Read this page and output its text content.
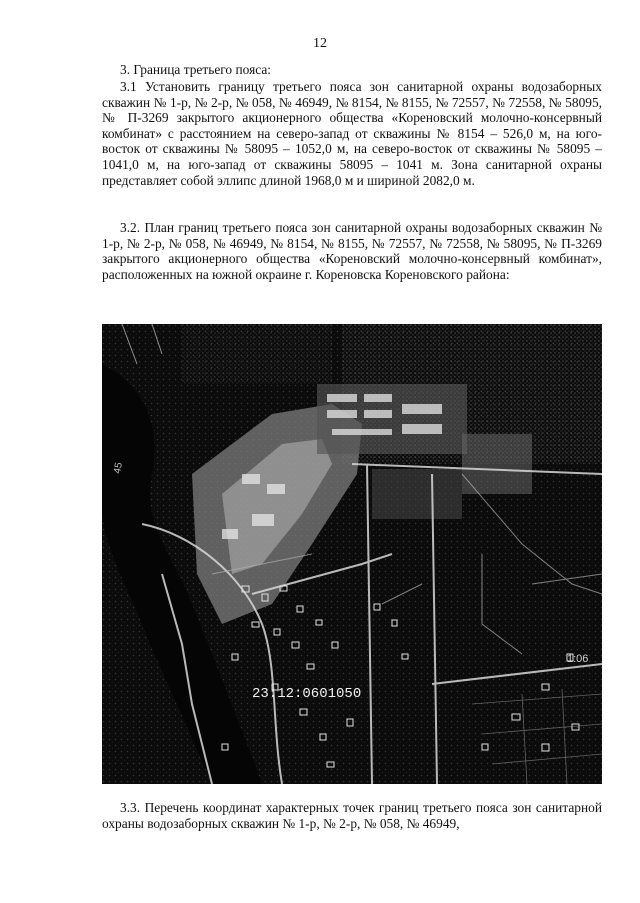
12
3. Граница третьего пояса:
3.1 Установить границу третьего пояса зон санитарной охраны водозаборных скважин № 1-р, № 2-р, № 058, № 46949, № 8154, № 8155, № 72557, № 72558, № 58095, № П-3269 закрытого акционерного общества «Кореновский молочно-консервный комбинат» с расстоянием на северо-запад от скважины № 8154 – 526,0 м, на юго-восток от скважины № 58095 – 1052,0 м, на северо-восток от скважины № 58095 – 1041,0 м, на юго-запад от скважины 58095 – 1041 м. Зона санитарной охраны представляет собой эллипс длиной 1968,0 м и шириной 2082,0 м.
3.2. План границ третьего пояса зон санитарной охраны водозаборных скважин № 1-р, № 2-р, № 058, № 46949, № 8154, № 8155, № 72557, № 72558, № 58095, № П-3269 закрытого акционерного общества «Кореновский молочно-консервный комбинат», расположенных на южной окраине г. Кореновска Кореновского района:
23:12:0601050
1:06
45
3.3. Перечень координат характерных точек границ третьего пояса зон санитарной охраны водозаборных скважин № 1-р, № 2-р, № 058, № 46949,
